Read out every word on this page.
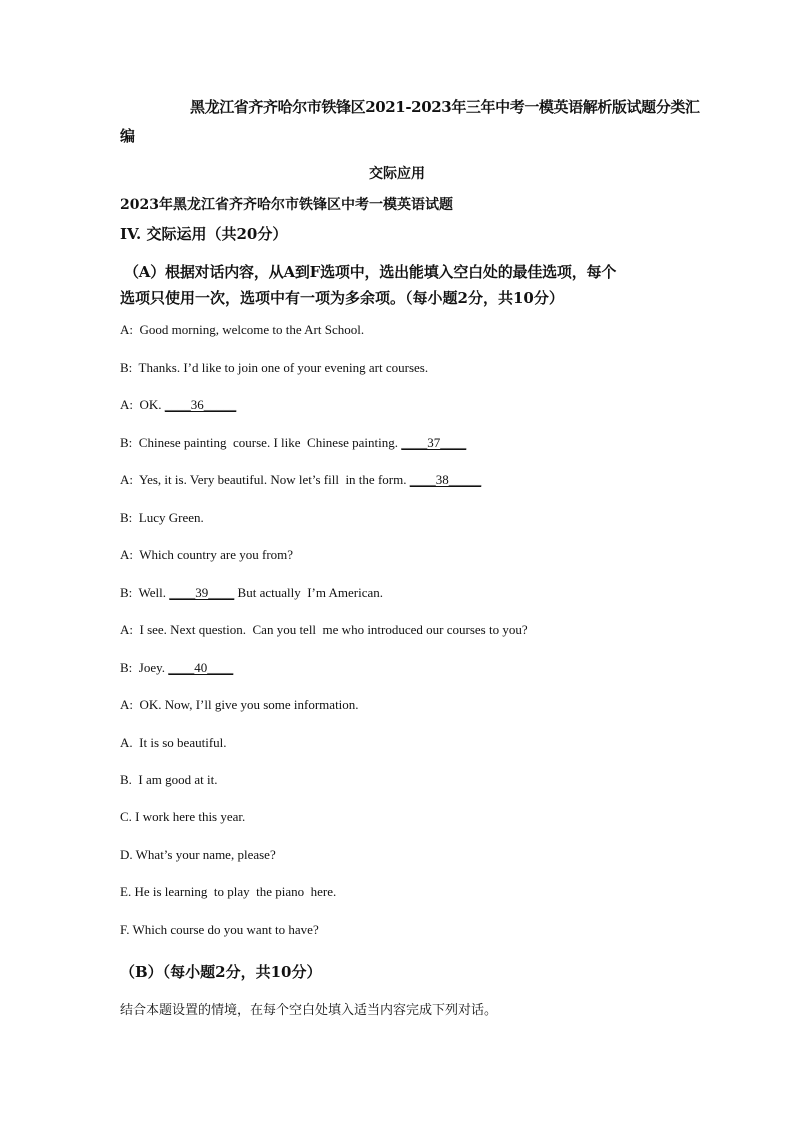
黑龙江省齐齐哈尔市铁锋区2021-2023年三年中考一模英语解析版试题分类汇
编
交际应用
2023年黑龙江省齐齐哈尔市铁锋区中考一模英语试题
IV. 交际运用（共20分）
（A）根据对话内容，从A到F选项中，选出能填入空白处的最佳选项，每个
选项只使用一次，选项中有一项为多余项。（每小题2分，共10分）
A:  Good morning, welcome to the Art School.
B:  Thanks. I’d like to join one of your evening art courses.
A:  OK. ____36_____
B:  Chinese painting  course. I like  Chinese painting. ____37____
A:  Yes, it is. Very beautiful. Now let’s fill  in the form. ____38_____
B:  Lucy Green.
A:  Which country are you from?
B:  Well. ____39____ But actually  I’m American.
A:  I see. Next question.  Can you tell  me who introduced our courses to you?
B:  Joey. ____40____
A:  OK. Now, I’ll give you some information.
A.  It is so beautiful.
B.  I am good at it.
C. I work here this year.
D. What’s your name, please?
E. He is learning  to play  the piano  here.
F. Which course do you want to have?
（B）（每小题2分，共10分）
结合本题设置的情境，在每个空白处填入适当内容完成下列对话。
